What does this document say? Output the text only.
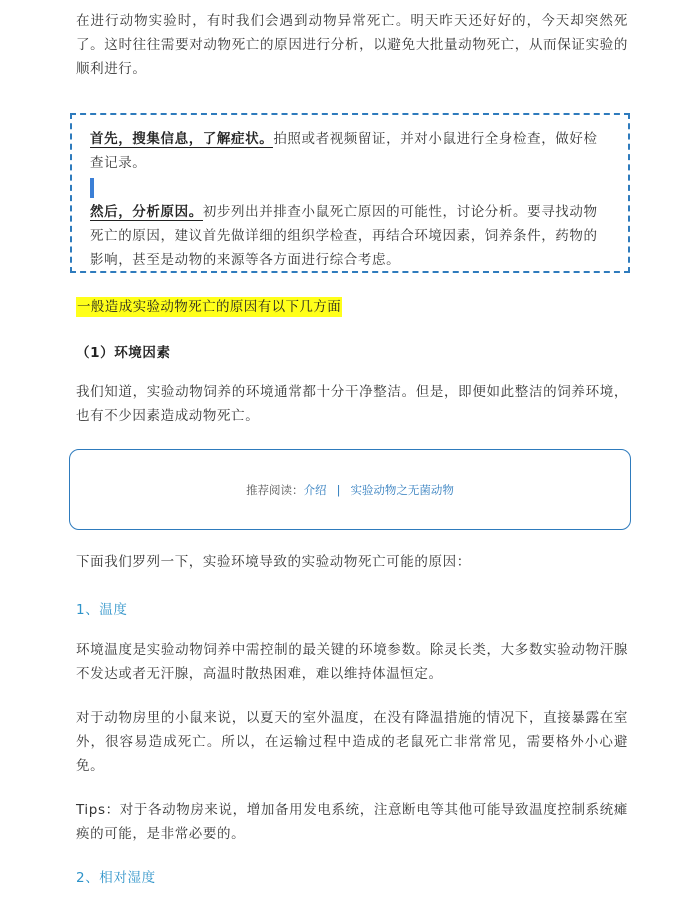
在进行动物实验时，有时我们会遇到动物异常死亡。明天昨天还好好的，今天却突然死了。这时往往需要对动物死亡的原因进行分析，以避免大批量动物死亡，从而保证实验的顺利进行。

首先，搜集信息，了解症状。拍照或者视频留证，并对小鼠进行全身检查，做好检查记录。

然后，分析原因。初步列出并排查小鼠死亡原因的可能性，讨论分析。要寻找动物死亡的原因，建议首先做详细的组织学检查，再结合环境因素，饲养条件，药物的影响，甚至是动物的来源等各方面进行综合考虑。

一般造成实验动物死亡的原因有以下几方面
（1）环境因素

我们知道，实验动物饲养的环境通常都十分干净整洁。但是，即便如此整洁的饲养环境，也有不少因素造成动物死亡。

推荐阅读： 介绍 | 实验动物之无菌动物

下面我们罗列一下，实验环境导致的实验动物死亡可能的原因：

1、温度

环境温度是实验动物饲养中需控制的最关键的环境参数。除灵长类，大多数实验动物汗腺不发达或者无汗腺，高温时散热困难，难以维持体温恒定。

对于动物房里的小鼠来说，以夏天的室外温度，在没有降温措施的情况下，直接暴露在室外，很容易造成死亡。所以，在运输过程中造成的老鼠死亡非常常见，需要格外小心避免。

Tips：对于各动物房来说，增加备用发电系统，注意断电等其他可能导致温度控制系统瘫痪的可能，是非常必要的。

2、相对湿度
